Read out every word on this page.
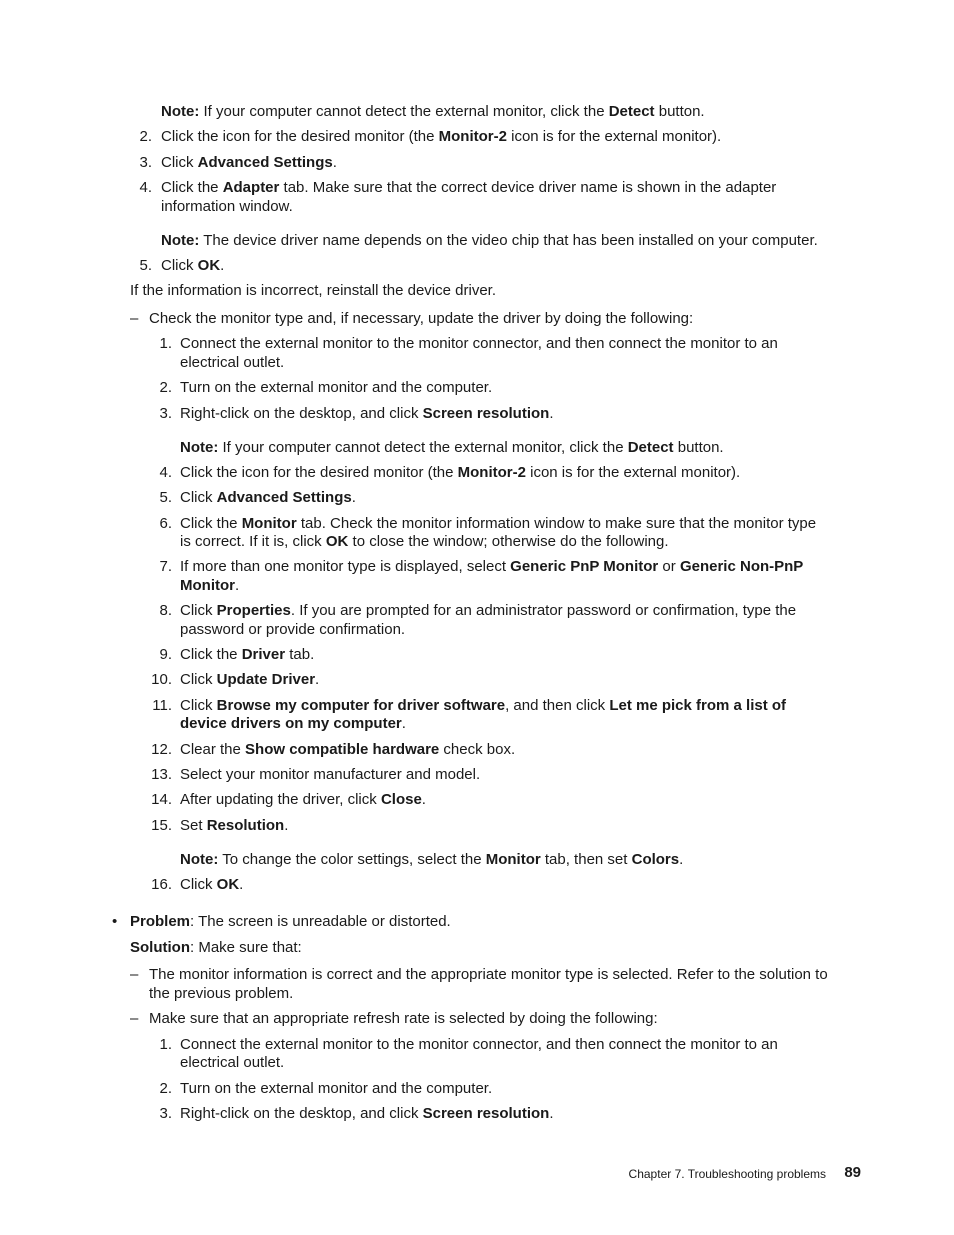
Note: If your computer cannot detect the external monitor, click the Detect button.
2. Click the icon for the desired monitor (the Monitor-2 icon is for the external monitor).
3. Click Advanced Settings.
4. Click the Adapter tab. Make sure that the correct device driver name is shown in the adapter
information window.
Note: The device driver name depends on the video chip that has been installed on your computer.
5. Click OK.
If the information is incorrect, reinstall the device driver.
– Check the monitor type and, if necessary, update the driver by doing the following:
1. Connect the external monitor to the monitor connector, and then connect the monitor to an
electrical outlet.
2. Turn on the external monitor and the computer.
3. Right-click on the desktop, and click Screen resolution.
Note: If your computer cannot detect the external monitor, click the Detect button.
4. Click the icon for the desired monitor (the Monitor-2 icon is for the external monitor).
5. Click Advanced Settings.
6. Click the Monitor tab. Check the monitor information window to make sure that the monitor type
is correct. If it is, click OK to close the window; otherwise do the following.
7. If more than one monitor type is displayed, select Generic PnP Monitor or Generic Non-PnP
Monitor.
8. Click Properties. If you are prompted for an administrator password or confirmation, type the
password or provide confirmation.
9. Click the Driver tab.
10. Click Update Driver.
11. Click Browse my computer for driver software, and then click Let me pick from a list of
device drivers on my computer.
12. Clear the Show compatible hardware check box.
13. Select your monitor manufacturer and model.
14. After updating the driver, click Close.
15. Set Resolution.
Note: To change the color settings, select the Monitor tab, then set Colors.
16. Click OK.
• Problem: The screen is unreadable or distorted.
Solution: Make sure that:
– The monitor information is correct and the appropriate monitor type is selected. Refer to the solution to
the previous problem.
– Make sure that an appropriate refresh rate is selected by doing the following:
1. Connect the external monitor to the monitor connector, and then connect the monitor to an
electrical outlet.
2. Turn on the external monitor and the computer.
3. Right-click on the desktop, and click Screen resolution.
Chapter 7. Troubleshooting problems 89
